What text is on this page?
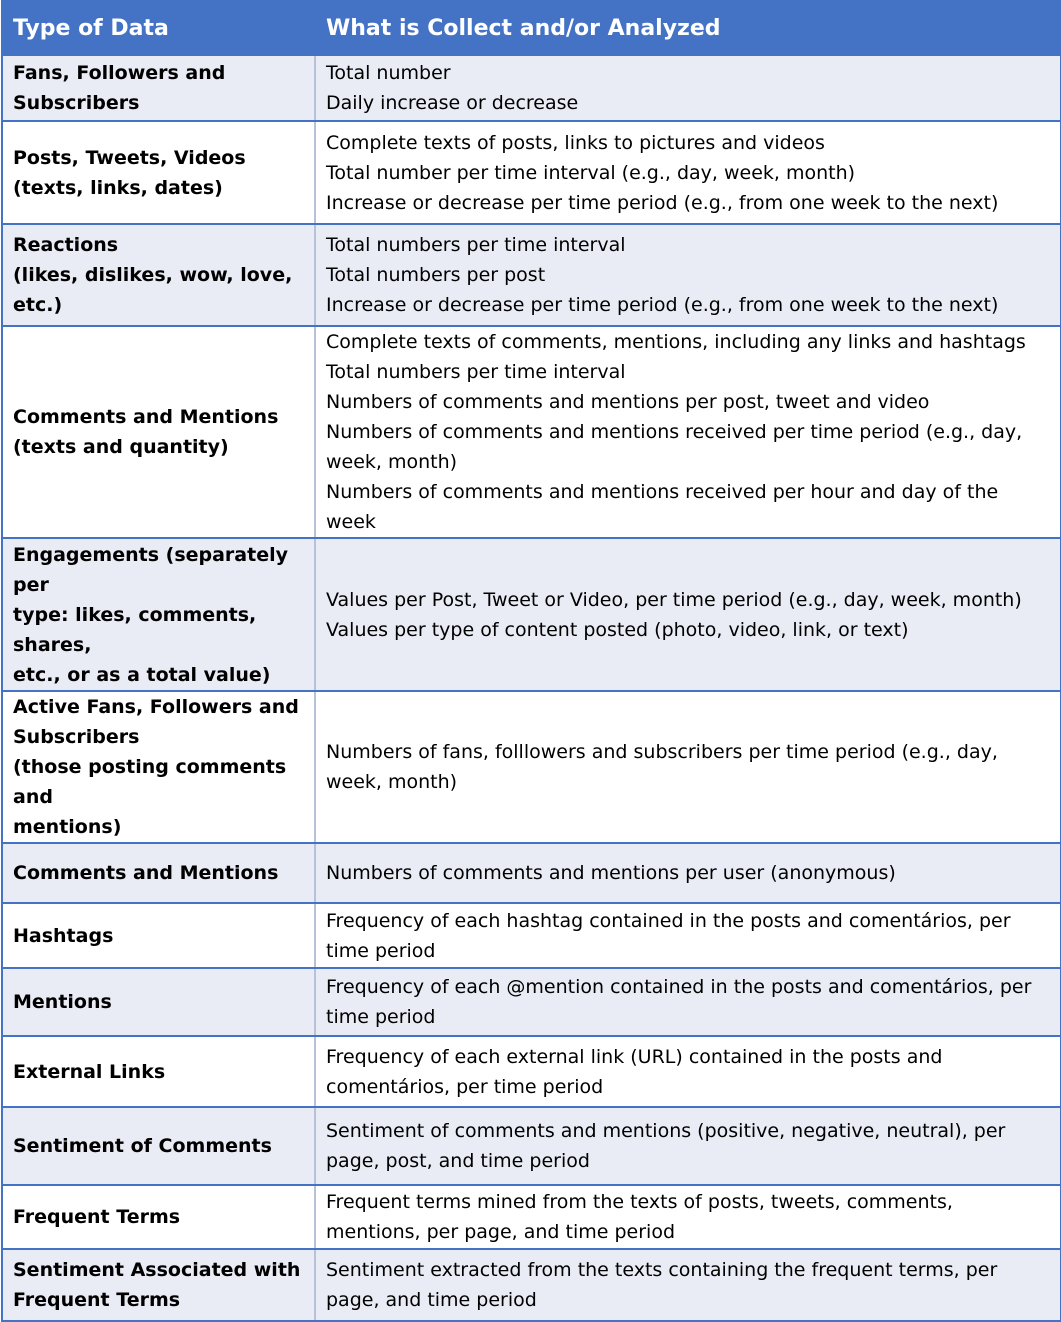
Type of Data	What is Collect and/or Analyzed

Fans, Followers and
Subscribers	Total number
Daily increase or decrease

Posts, Tweets, Videos
(texts, links, dates)	Complete texts of posts, links to pictures and videos
Total number per time interval (e.g., day, week, month)
Increase or decrease per time period (e.g., from one week to the next)

Reactions
(likes, dislikes, wow, love,
etc.)	Total numbers per time interval
Total numbers per post
Increase or decrease per time period (e.g., from one week to the next)

Comments and Mentions
(texts and quantity)	Complete texts of comments, mentions, including any links and hashtags
Total numbers per time interval
Numbers of comments and mentions per post, tweet and video
Numbers of comments and mentions received per time period (e.g., day, week, month)
Numbers of comments and mentions received per hour and day of the week

Engagements (separately per
type: likes, comments, shares,
etc., or as a total value)	Values per Post, Tweet or Video, per time period (e.g., day, week, month)
Values per type of content posted (photo, video, link, or text)

Active Fans, Followers and
Subscribers
(those posting comments and
mentions)	Numbers of fans, folllowers and subscribers per time period (e.g., day, week, month)

Comments and Mentions	Numbers of comments and mentions per user (anonymous)

Hashtags	Frequency of each hashtag contained in the posts and comentários, per time period

Mentions	Frequency of each @mention contained in the posts and comentários, per time period

External Links	Frequency of each external link (URL) contained in the posts and comentários, per time period

Sentiment of Comments	Sentiment of comments and mentions (positive, negative, neutral), per page, post, and time period

Frequent Terms	Frequent terms mined from the texts of posts, tweets, comments, mentions, per page, and time period

Sentiment Associated with
Frequent Terms	Sentiment extracted from the texts containing the frequent terms, per page, and time period
